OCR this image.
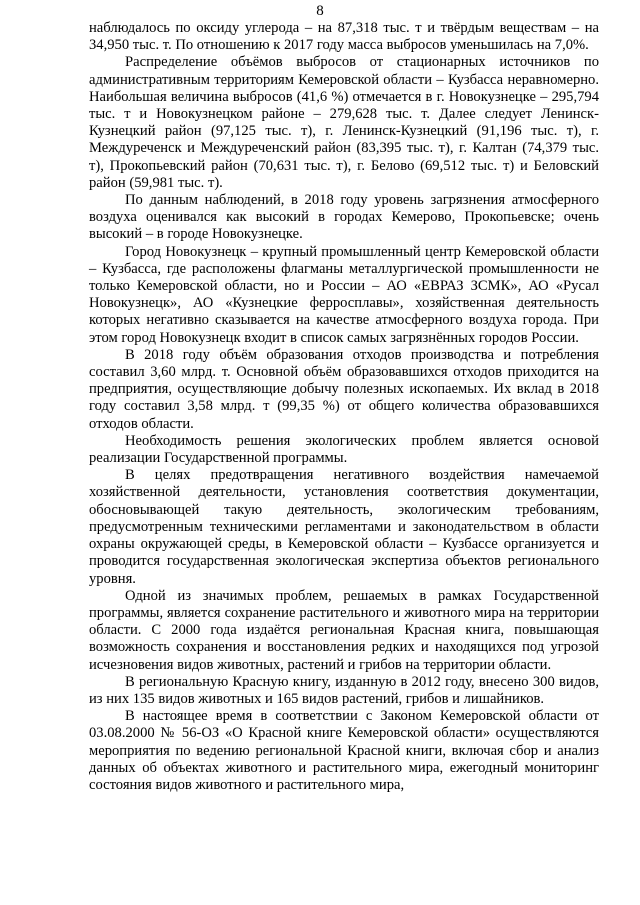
8

наблюдалось по оксиду углерода – на 87,318 тыс. т и твёрдым веществам – на 34,950 тыс. т. По отношению к 2017 году масса выбросов уменьшилась на 7,0%.

Распределение объёмов выбросов от стационарных источников по административным территориям Кемеровской области – Кузбасса неравномерно. Наибольшая величина выбросов (41,6 %) отмечается в г. Новокузнецке – 295,794 тыс. т и Новокузнецком районе – 279,628 тыс. т. Далее следует Ленинск-Кузнецкий район (97,125 тыс. т), г. Ленинск-Кузнецкий (91,196 тыс. т), г. Междуреченск и Междуреченский район (83,395 тыс. т), г. Калтан (74,379 тыс. т), Прокопьевский район (70,631 тыс. т), г. Белово (69,512 тыс. т) и Беловский район (59,981 тыс. т).

По данным наблюдений, в 2018 году уровень загрязнения атмосферного воздуха оценивался как высокий в городах Кемерово, Прокопьевске; очень высокий – в городе Новокузнецке.

Город Новокузнецк – крупный промышленный центр Кемеровской области – Кузбасса, где расположены флагманы металлургической промышленности не только Кемеровской области, но и России – АО «ЕВРАЗ ЗСМК», АО «Русал Новокузнецк», АО «Кузнецкие ферросплавы», хозяйственная деятельность которых негативно сказывается на качестве атмосферного воздуха города. При этом город Новокузнецк входит в список самых загрязнённых городов России.

В 2018 году объём образования отходов производства и потребления составил 3,60 млрд. т. Основной объём образовавшихся отходов приходится на предприятия, осуществляющие добычу полезных ископаемых. Их вклад в 2018 году составил 3,58 млрд. т (99,35 %) от общего количества образовавшихся отходов области.

Необходимость решения экологических проблем является основой реализации Государственной программы.

В целях предотвращения негативного воздействия намечаемой хозяйственной деятельности, установления соответствия документации, обосновывающей такую деятельность, экологическим требованиям, предусмотренным техническими регламентами и законодательством в области охраны окружающей среды, в Кемеровской области – Кузбассе организуется и проводится государственная экологическая экспертиза объектов регионального уровня.

Одной из значимых проблем, решаемых в рамках Государственной программы, является сохранение растительного и животного мира на территории области. С 2000 года издаётся региональная Красная книга, повышающая возможность сохранения и восстановления редких и находящихся под угрозой исчезновения видов животных, растений и грибов на территории области.

В региональную Красную книгу, изданную в 2012 году, внесено 300 видов, из них 135 видов животных и 165 видов растений, грибов и лишайников.

В настоящее время в соответствии с Законом Кемеровской области от 03.08.2000 № 56-ОЗ «О Красной книге Кемеровской области» осуществляются мероприятия по ведению региональной Красной книги, включая сбор и анализ данных об объектах животного и растительного мира, ежегодный мониторинг состояния видов животного и растительного мира,
